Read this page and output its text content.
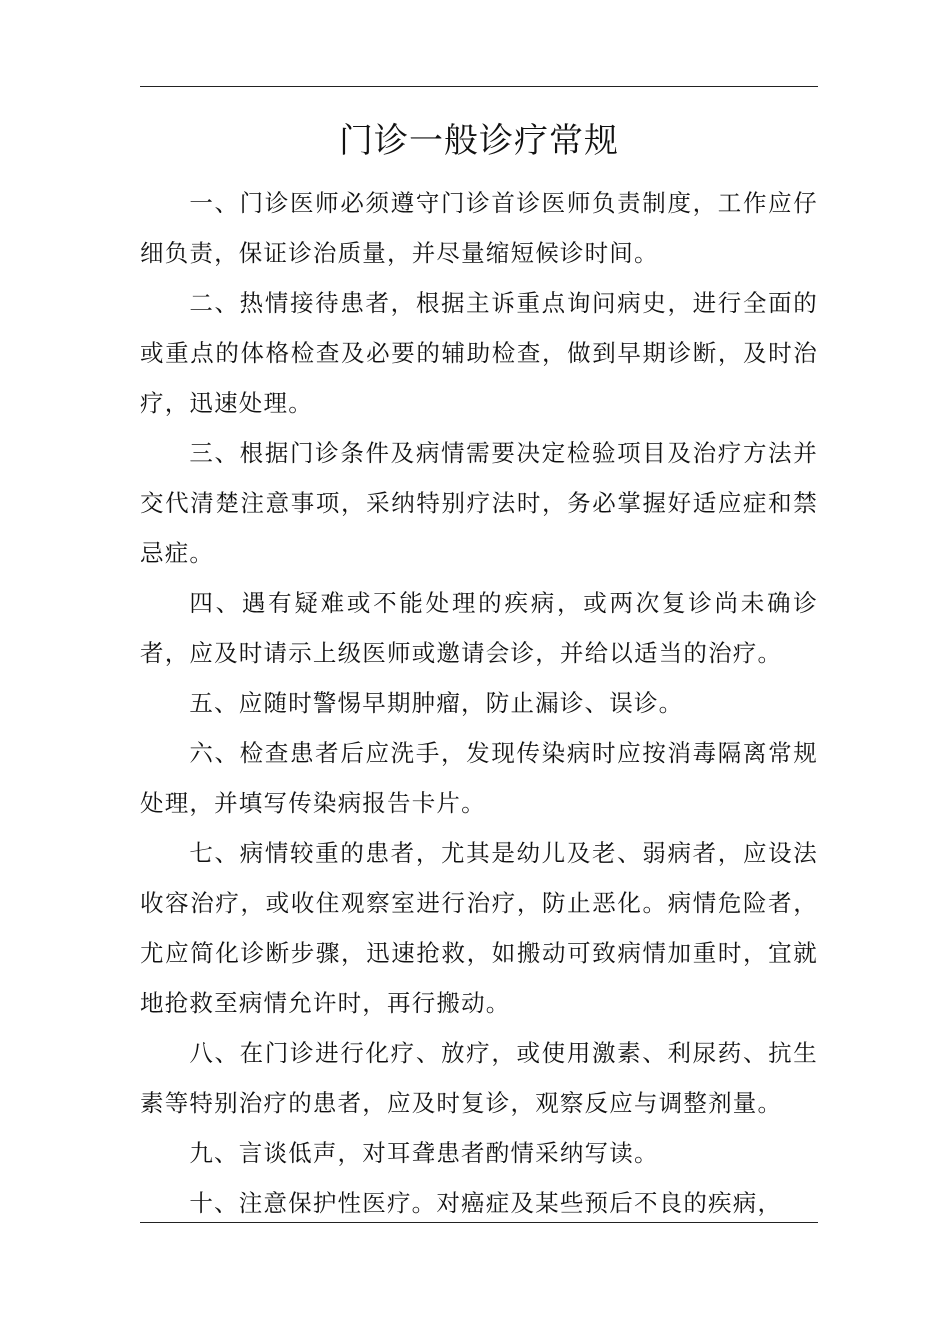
门诊一般诊疗常规

一、门诊医师必须遵守门诊首诊医师负责制度，工作应仔细负责，保证诊治质量，并尽量缩短候诊时间。

二、热情接待患者，根据主诉重点询问病史，进行全面的或重点的体格检查及必要的辅助检查，做到早期诊断，及时治疗，迅速处理。

三、根据门诊条件及病情需要决定检验项目及治疗方法并交代清楚注意事项，采纳特别疗法时，务必掌握好适应症和禁忌症。

四、遇有疑难或不能处理的疾病，或两次复诊尚未确诊者，应及时请示上级医师或邀请会诊，并给以适当的治疗。

五、应随时警惕早期肿瘤，防止漏诊、误诊。

六、检查患者后应洗手，发现传染病时应按消毒隔离常规处理，并填写传染病报告卡片。

七、病情较重的患者，尤其是幼儿及老、弱病者，应设法收容治疗，或收住观察室进行治疗，防止恶化。病情危险者，尤应简化诊断步骤，迅速抢救，如搬动可致病情加重时，宜就地抢救至病情允许时，再行搬动。

八、在门诊进行化疗、放疗，或使用激素、利尿药、抗生素等特别治疗的患者，应及时复诊，观察反应与调整剂量。

九、言谈低声，对耳聋患者酌情采纳写读。

十、注意保护性医疗。对癌症及某些预后不良的疾病，
